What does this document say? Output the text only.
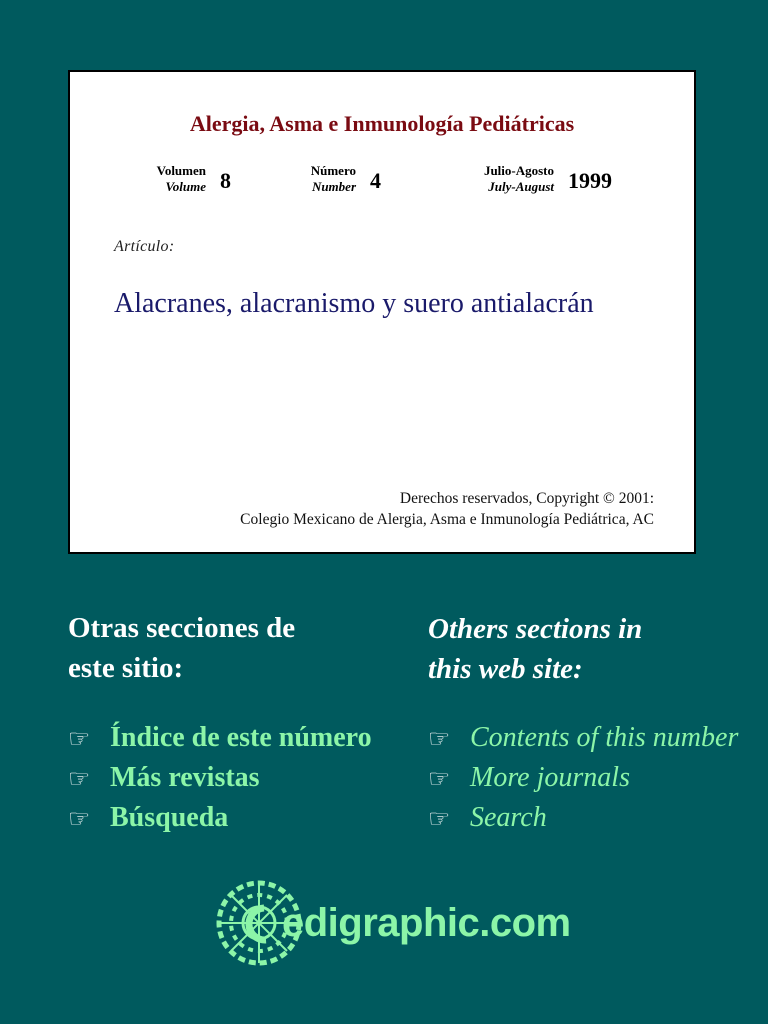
Alergia, Asma e Inmunología Pediátricas
Volumen
Volume 8	Número
Number 4	Julio-Agosto
July-August 1999
Artículo:
Alacranes, alacranismo y suero antialacrán
Derechos reservados, Copyright © 2001:
Colegio Mexicano de Alergia, Asma e Inmunología Pediátrica, AC
Otras secciones de
este sitio:
Others sections in
this web site:
☞ Índice de este número
☞ Más revistas
☞ Búsqueda
☞ Contents of this number
☞ More journals
☞ Search
edigraphic.com
